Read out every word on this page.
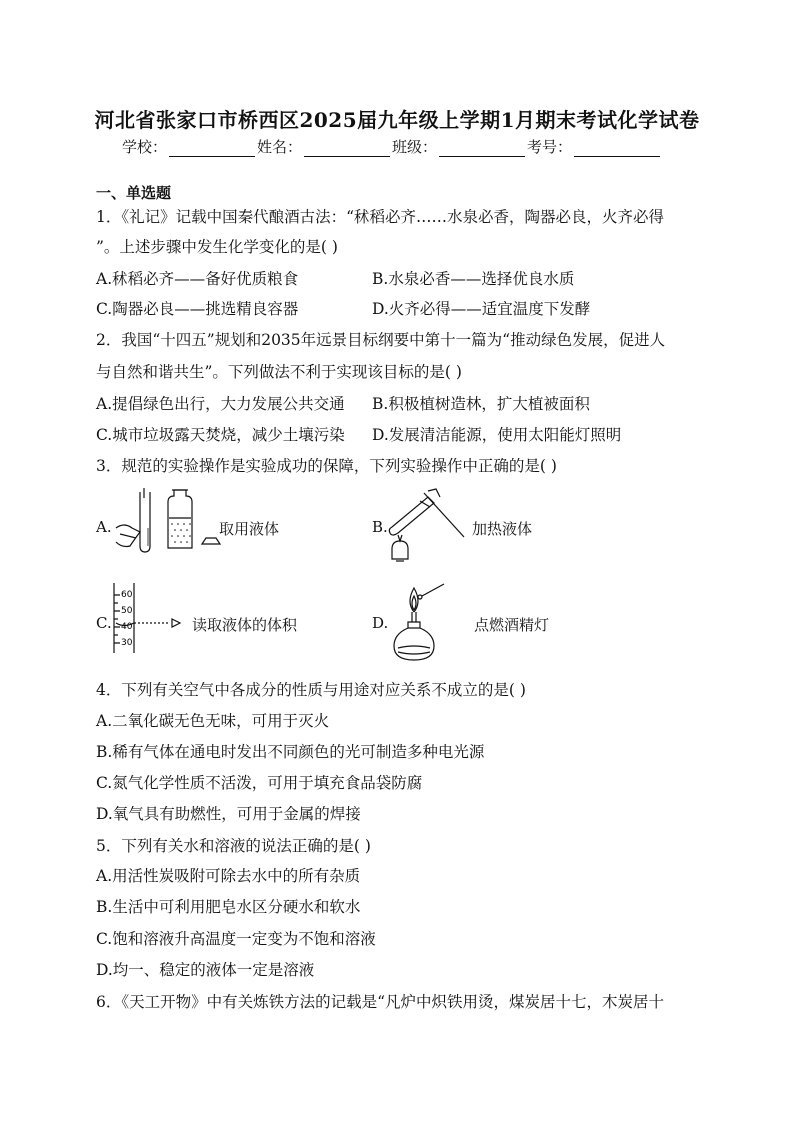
河北省张家口市桥西区2025届九年级上学期1月期末考试化学试卷
学校：	姓名：	班级：	考号：
一、单选题
1．《礼记》记载中国秦代酿酒古法：“秫稻必齐……水泉必香，陶器必良，火齐必得
”。上述步骤中发生化学变化的是( )
A.秫稻必齐——备好优质粮食	B.水泉必香——选择优良水质
C.陶器必良——挑选精良容器	D.火齐必得——适宜温度下发酵
2．我国“十四五”规划和2035年远景目标纲要中第十一篇为“推动绿色发展，促进人
与自然和谐共生”。下列做法不利于实现该目标的是( )
A.提倡绿色出行，大力发展公共交通 B.积极植树造林，扩大植被面积
C.城市垃圾露天焚烧，减少土壤污染 D.发展清洁能源，使用太阳能灯照明
3．规范的实验操作是实验成功的保障，下列实验操作中正确的是( )
A.	取用液体	B.	加热液体
C.
60
50
40
30
读取液体的体积	D.	点燃酒精灯
4．下列有关空气中各成分的性质与用途对应关系不成立的是( )
A.二氧化碳无色无味，可用于灭火
B.稀有气体在通电时发出不同颜色的光可制造多种电光源
C.氮气化学性质不活泼，可用于填充食品袋防腐
D.氧气具有助燃性，可用于金属的焊接
5．下列有关水和溶液的说法正确的是( )
A.用活性炭吸附可除去水中的所有杂质
B.生活中可利用肥皂水区分硬水和软水
C.饱和溶液升高温度一定变为不饱和溶液
D.均一、稳定的液体一定是溶液
6．《天工开物》中有关炼铁方法的记载是“凡炉中炽铁用烫，煤炭居十七，木炭居十
